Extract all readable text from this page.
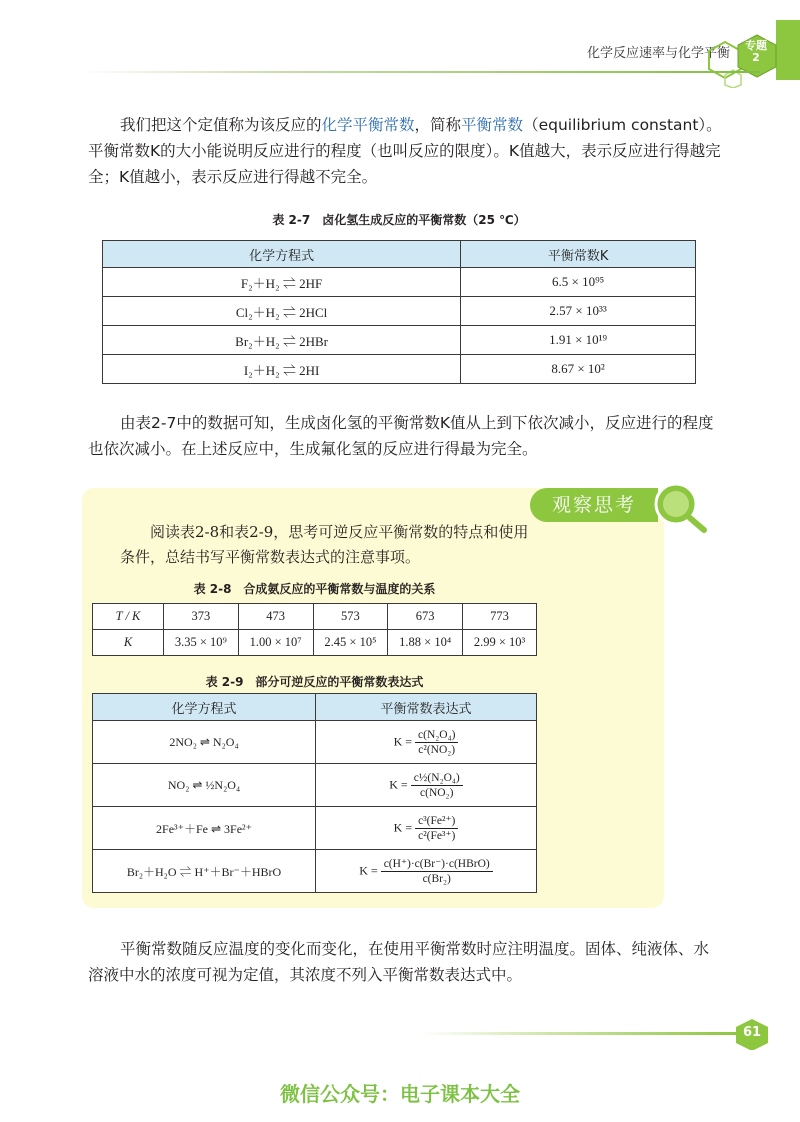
化学反应速率与化学平衡
专题
2
我们把这个定值称为该反应的化学平衡常数，简称平衡常数（equilibrium constant）。平衡常数K的大小能说明反应进行的程度（也叫反应的限度）。K值越大，表示反应进行得越完全；K值越小，表示反应进行得越不完全。
表 2-7　卤化氢生成反应的平衡常数（25 ℃）
化学方程式	平衡常数K
F₂＋H₂ ⇌ 2HF	6.5 × 10⁹⁵
Cl₂＋H₂ ⇌ 2HCl	2.57 × 10³³
Br₂＋H₂ ⇌ 2HBr	1.91 × 10¹⁹
I₂＋H₂ ⇌ 2HI	8.67 × 10²
由表2-7中的数据可知，生成卤化氢的平衡常数K值从上到下依次减小，反应进行的程度也依次减小。在上述反应中，生成氟化氢的反应进行得最为完全。
观察思考
阅读表2-8和表2-9，思考可逆反应平衡常数的特点和使用条件，总结书写平衡常数表达式的注意事项。
表 2-8　合成氨反应的平衡常数与温度的关系
T / K	373	473	573	673	773
K	3.35 × 10⁹	1.00 × 10⁷	2.45 × 10⁵	1.88 × 10⁴	2.99 × 10³
表 2-9　部分可逆反应的平衡常数表达式
化学方程式	平衡常数表达式
2NO₂ ⇌ N₂O₄	$K = \frac{\text{c(N₂O₄)}}{\text{c²(NO₂)}}$

NO₂ ⇌ ½N₂O₄	$K = \frac{\text{c½(N₂O₄)}}{\text{c(NO₂)}}$

2Fe³⁺＋Fe ⇌ 3Fe²⁺	$K = \frac{\text{c³(Fe²⁺)}}{\text{c²(Fe³⁺)}}$

Br₂＋H₂O ⇌ H⁺＋Br⁻＋HBrO	$K = \frac{\text{c(H⁺)·c(Br⁻)·c(HBrO)}}{\text{c(Br₂)}}$
平衡常数随反应温度的变化而变化，在使用平衡常数时应注明温度。固体、纯液体、水溶液中水的浓度可视为定值，其浓度不列入平衡常数表达式中。
61
微信公众号：电子课本大全
